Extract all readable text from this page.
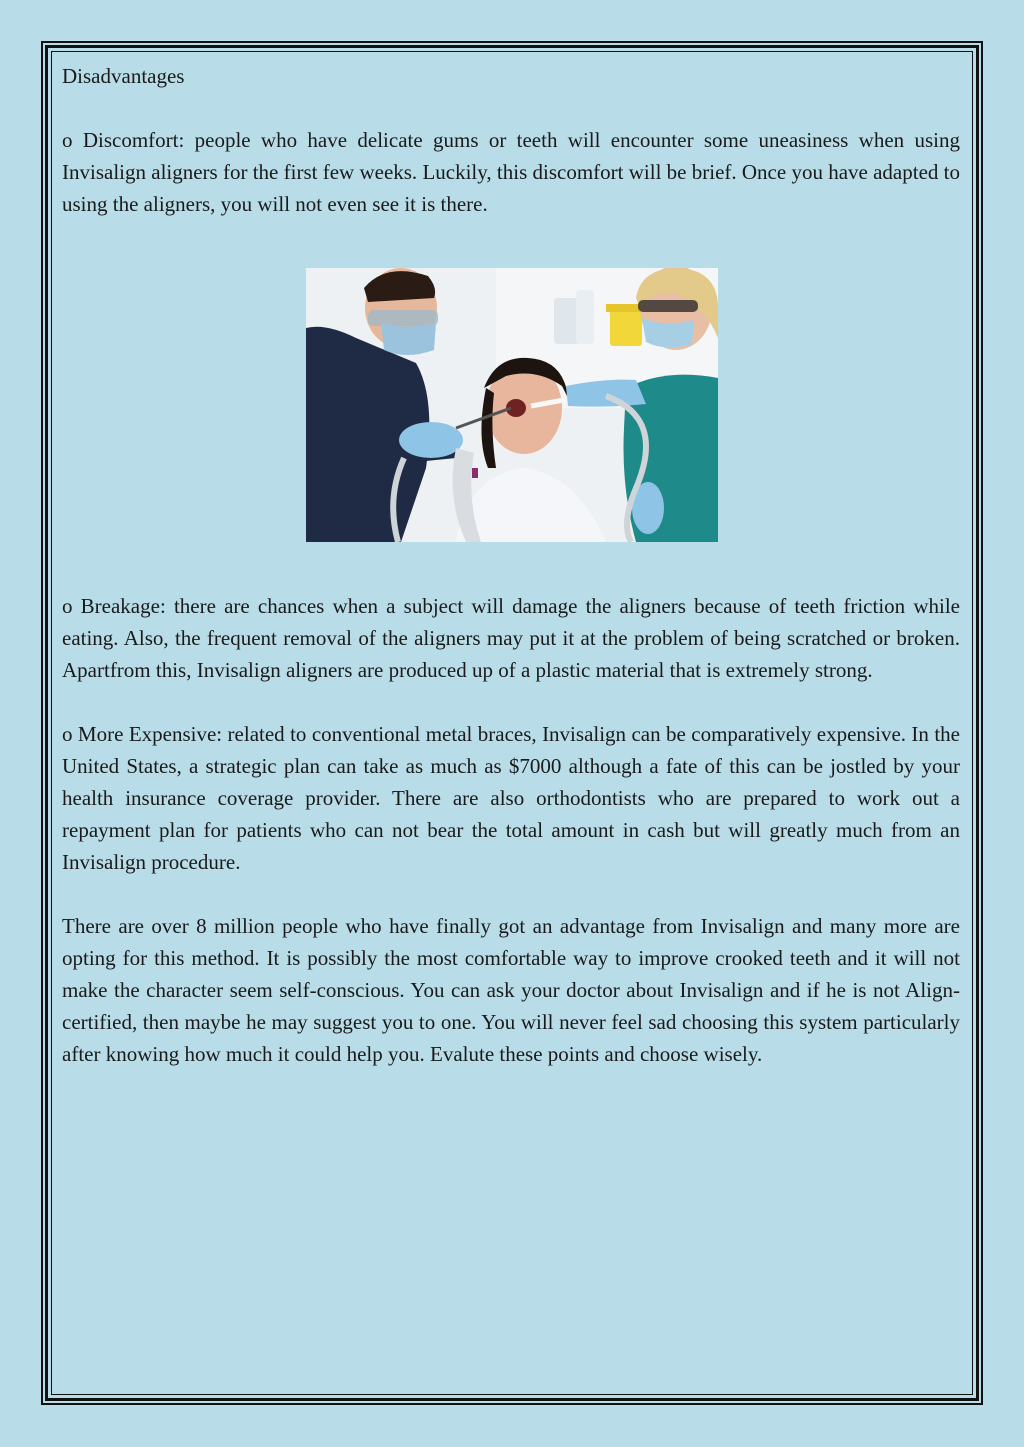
Disadvantages

o Discomfort: people who have delicate gums or teeth will encounter some uneasiness when using Invisalign aligners for the first few weeks. Luckily, this discomfort will be brief. Once you have adapted to using the aligners, you will not even see it is there.

o Breakage: there are chances when a subject will damage the aligners because of teeth friction while eating. Also, the frequent removal of the aligners may put it at the problem of being scratched or broken. Apartfrom this, Invisalign aligners are produced up of a plastic material that is extremely strong.

o More Expensive: related to conventional metal braces, Invisalign can be comparatively expensive. In the United States, a strategic plan can take as much as $7000 although a fate of this can be jostled by your health insurance coverage provider. There are also orthodontists who are prepared to work out a repayment plan for patients who can not bear the total amount in cash but will greatly much from an Invisalign procedure.

There are over 8 million people who have finally got an advantage from Invisalign and many more are opting for this method. It is possibly the most comfortable way to improve crooked teeth and it will not make the character seem self-conscious. You can ask your doctor about Invisalign and if he is not Align-certified, then maybe he may suggest you to one. You will never feel sad choosing this system particularly after knowing how much it could help you. Evalute these points and choose wisely.
